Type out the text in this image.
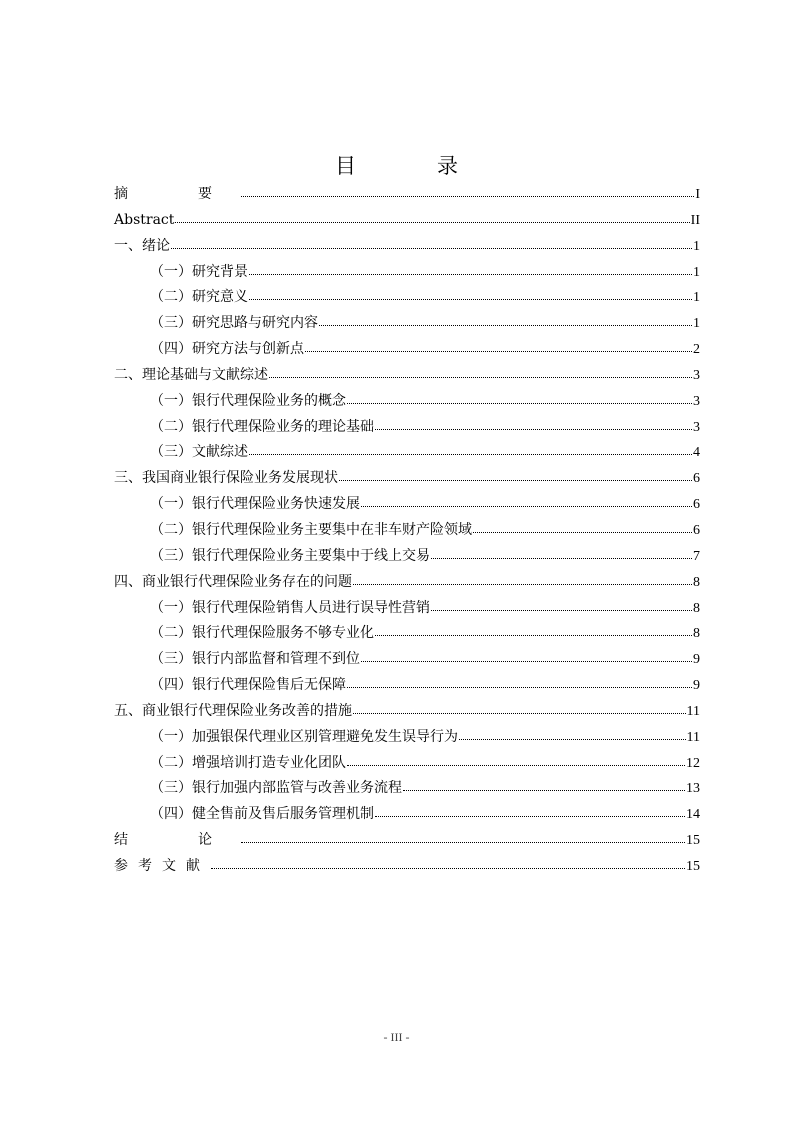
目　录
摘　要	I
Abstract	II
一、绪论	1
（一）研究背景	1
（二）研究意义	1
（三）研究思路与研究内容	1
（四）研究方法与创新点	2
二、理论基础与文献综述	3
（一）银行代理保险业务的概念	3
（二）银行代理保险业务的理论基础	3
（三）文献综述	4
三、我国商业银行保险业务发展现状	6
（一）银行代理保险业务快速发展	6
（二）银行代理保险业务主要集中在非车财产险领域	6
（三）银行代理保险业务主要集中于线上交易	7
四、商业银行代理保险业务存在的问题	8
（一）银行代理保险销售人员进行误导性营销	8
（二）银行代理保险服务不够专业化	8
（三）银行内部监督和管理不到位	9
（四）银行代理保险售后无保障	9
五、商业银行代理保险业务改善的措施	11
（一）加强银保代理业区别管理避免发生误导行为	11
（二）增强培训打造专业化团队	12
（三）银行加强内部监管与改善业务流程	13
（四）健全售前及售后服务管理机制	14
结　论	15
参考文献	15
- III -
